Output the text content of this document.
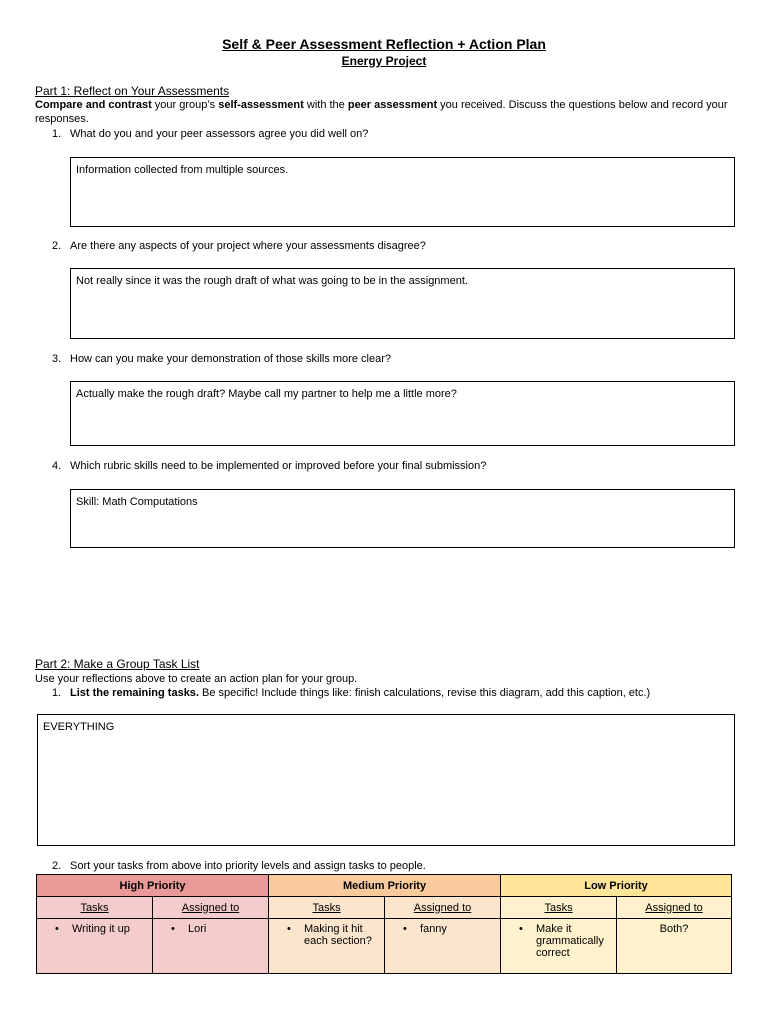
Self & Peer Assessment Reflection + Action Plan
Energy Project
Part 1: Reflect on Your Assessments
Compare and contrast your group’s self-assessment with the peer assessment you received. Discuss the questions below and record your responses.
1. What do you and your peer assessors agree you did well on?
Information collected from multiple sources.
2. Are there any aspects of your project where your assessments disagree?
Not really since it was the rough draft of what was going to be in the assignment.
3. How can you make your demonstration of those skills more clear?
Actually make the rough draft? Maybe call my partner to help me a little more?
4. Which rubric skills need to be implemented or improved before your final submission?
Skill: Math Computations
Part 2: Make a Group Task List
Use your reflections above to create an action plan for your group.
1. List the remaining tasks. Be specific! Include things like: finish calculations, revise this diagram, add this caption, etc.)
EVERYTHING
2. Sort your tasks from above into priority levels and assign tasks to people.
High Priority		Medium Priority		Low Priority	
Tasks	Assigned to	Tasks	Assigned to	Tasks	Assigned to

• Writing it up	• Lori	• Making it hit each section?	• fanny	• Make it grammatically correct	Both?
